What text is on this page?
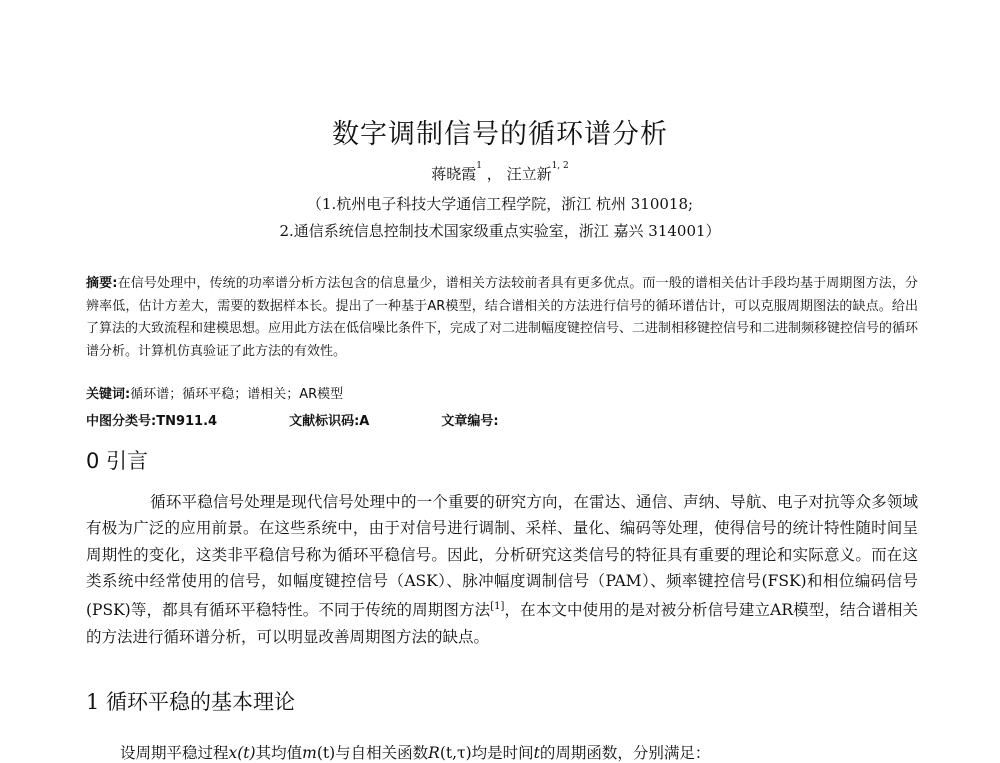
数字调制信号的循环谱分析
蒋晓霞$^1$ ， 汪立新$^{1, 2}$
（1.杭州电子科技大学通信工程学院，浙江 杭州 310018;
2.通信系统信息控制技术国家级重点实验室，浙江 嘉兴 314001）
摘要:在信号处理中，传统的功率谱分析方法包含的信息量少，谱相关方法较前者具有更多优点。而一般的谱相关估计手段均基于周期图方法，分辨率低，估计方差大，需要的数据样本长。提出了一种基于AR模型，结合谱相关的方法进行信号的循环谱估计，可以克服周期图法的缺点。给出了算法的大致流程和建模思想。应用此方法在低信噪比条件下，完成了对二进制幅度键控信号、二进制相移键控信号和二进制频移键控信号的循环谱分析。计算机仿真验证了此方法的有效性。
关键词:循环谱；循环平稳；谱相关；AR模型
中图分类号:TN911.4	文献标识码:A	文章编号:
0 引言
循环平稳信号处理是现代信号处理中的一个重要的研究方向，在雷达、通信、声纳、导航、电子对抗等众多领域有极为广泛的应用前景。在这些系统中，由于对信号进行调制、采样、量化、编码等处理，使得信号的统计特性随时间呈周期性的变化，这类非平稳信号称为循环平稳信号。因此，分析研究这类信号的特征具有重要的理论和实际意义。而在这类系统中经常使用的信号，如幅度键控信号（ASK）、脉冲幅度调制信号（PAM）、频率键控信号(FSK)和相位编码信号(PSK)等，都具有循环平稳特性。不同于传统的周期图方法[1]，在本文中使用的是对被分析信号建立AR模型，结合谱相关的方法进行循环谱分析，可以明显改善周期图方法的缺点。
1 循环平稳的基本理论
设周期平稳过程x(t)其均值m(t)与自相关函数R(t,τ)均是时间t的周期函数，分别满足：
